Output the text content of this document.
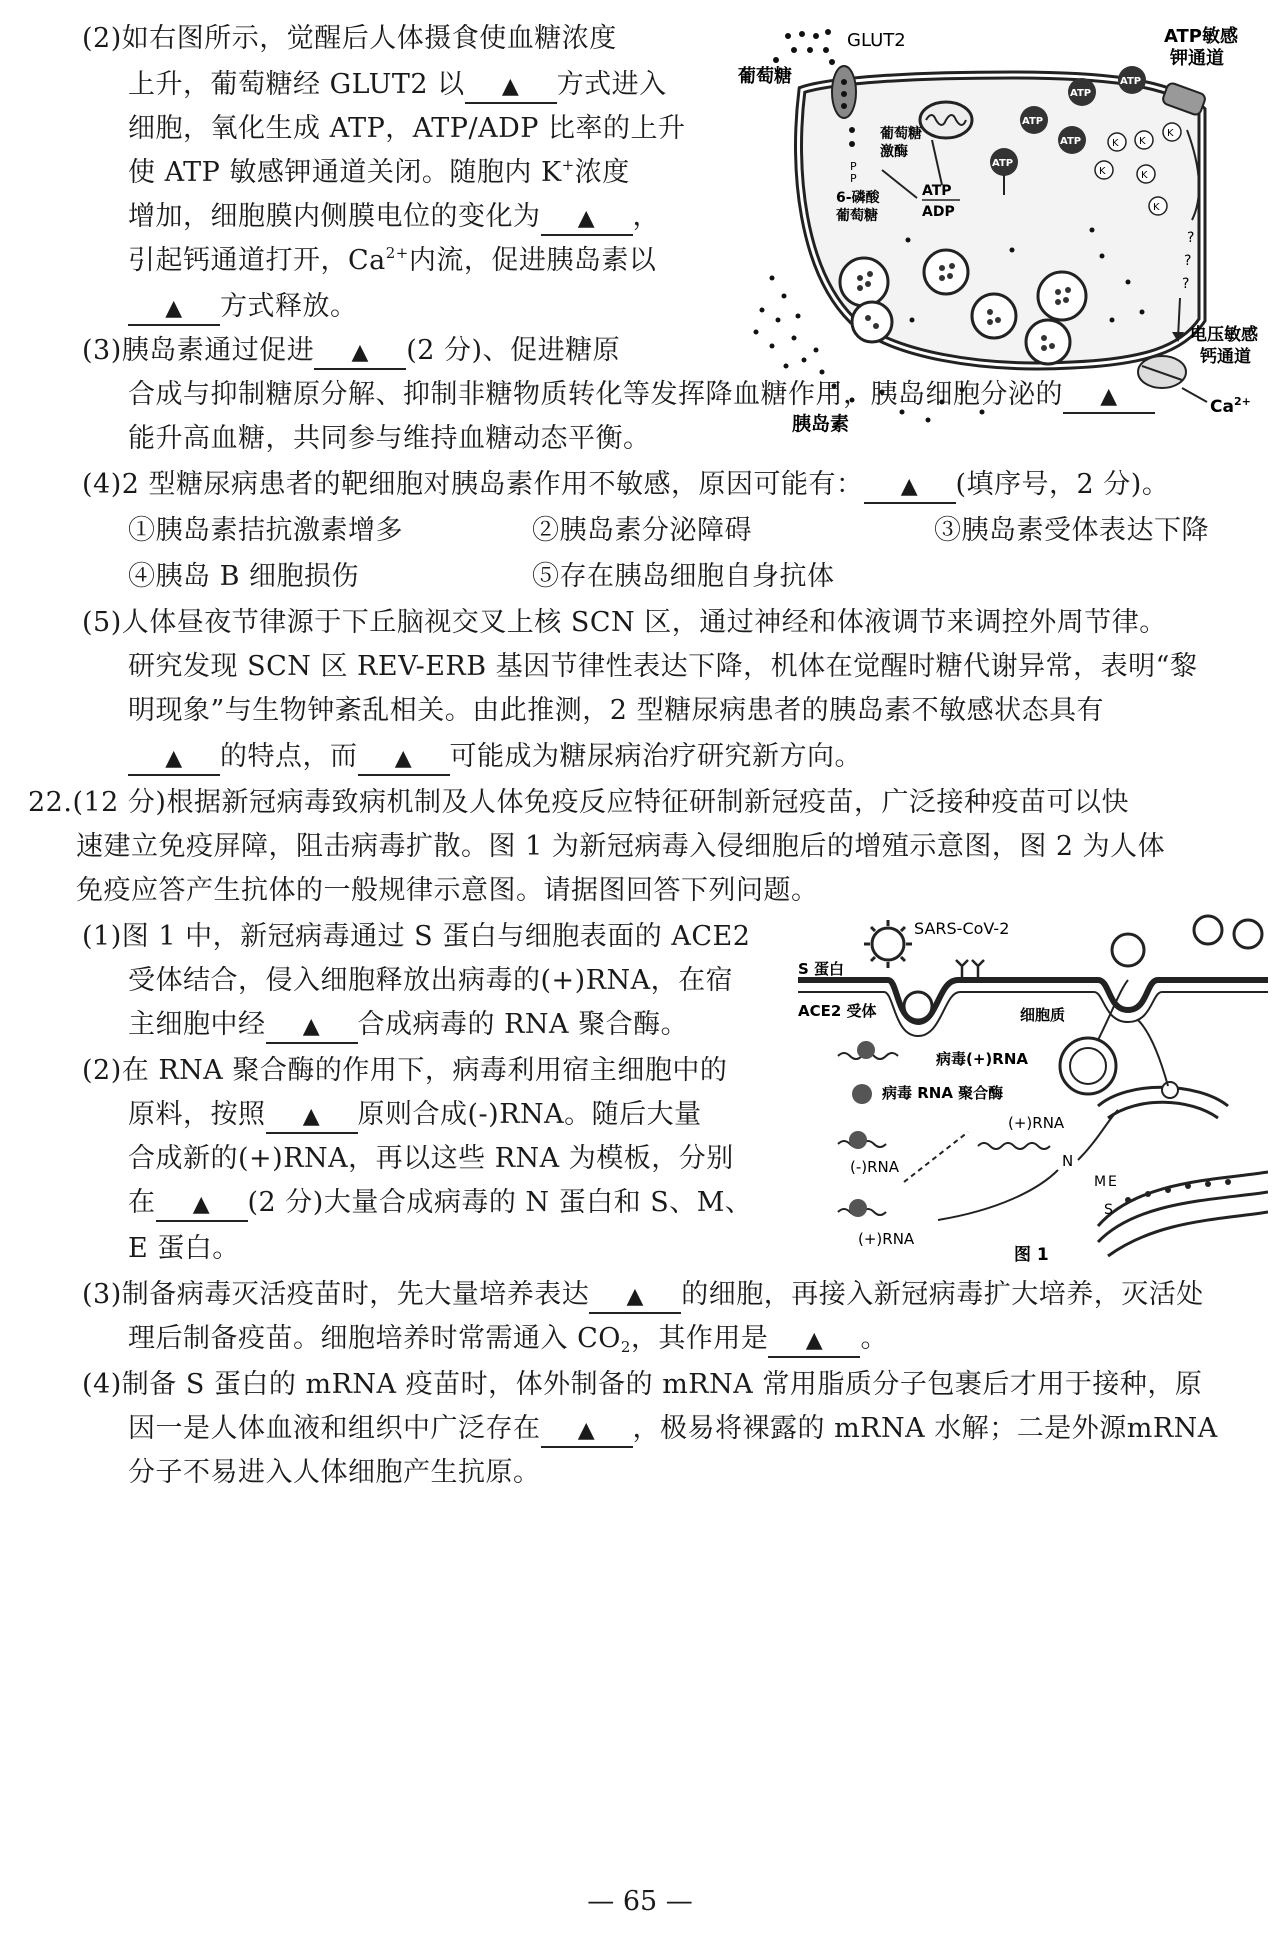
(2)如右图所示，觉醒后人体摄食使血糖浓度
上升，葡萄糖经 GLUT2 以 ▲ 方式进入
细胞，氧化生成 ATP，ATP/ADP 比率的上升
使 ATP 敏感钾通道关闭。随胞内 K+浓度
增加，细胞膜内侧膜电位的变化为 ▲ ，
引起钙通道打开，$Ca^{2+}$内流，促进胰岛素以
▲ 方式释放。
GLUT2
葡萄糖
P
P
葡萄糖
激酶
6-磷酸
葡萄糖
ATP
ADP
ATP
ATP
ATP
ATP
ATP
K
K	K
K
K
K
ATP敏感
钾通道
?
?
?
电压敏感
钙通道
$Ca^{2+}$
胰岛素
(3)胰岛素通过促进 ▲ (2 分)、促进糖原
合成与抑制糖原分解、抑制非糖物质转化等发挥降血糖作用，胰岛细胞分泌的 ▲
能升高血糖，共同参与维持血糖动态平衡。
(4)2 型糖尿病患者的靶细胞对胰岛素作用不敏感，原因可能有： ▲ (填序号，2 分)。
①胰岛素拮抗激素增多	②胰岛素分泌障碍	③胰岛素受体表达下降
④胰岛 B 细胞损伤	⑤存在胰岛细胞自身抗体
(5)人体昼夜节律源于下丘脑视交叉上核 SCN 区，通过神经和体液调节来调控外周节律。
研究发现 SCN 区 REV-ERB 基因节律性表达下降，机体在觉醒时糖代谢异常，表明“黎
明现象”与生物钟紊乱相关。由此推测，2 型糖尿病患者的胰岛素不敏感状态具有
▲ 的特点，而 ▲ 可能成为糖尿病治疗研究新方向。
22.(12 分)根据新冠病毒致病机制及人体免疫反应特征研制新冠疫苗，广泛接种疫苗可以快
速建立免疫屏障，阻击病毒扩散。图 1 为新冠病毒入侵细胞后的增殖示意图，图 2 为人体
免疫应答产生抗体的一般规律示意图。请据图回答下列问题。
(1)图 1 中，新冠病毒通过 S 蛋白与细胞表面的 ACE2
受体结合，侵入细胞释放出病毒的(+)RNA，在宿
主细胞中经 ▲ 合成病毒的 RNA 聚合酶。
(2)在 RNA 聚合酶的作用下，病毒利用宿主细胞中的
原料，按照 ▲ 原则合成(-)RNA。随后大量
合成新的(+)RNA，再以这些 RNA 为模板，分别
在 ▲ (2 分)大量合成病毒的 N 蛋白和 S、M、
E 蛋白。
SARS-CoV-2
S 蛋白
ACE2 受体	细胞质
病毒(+)RNA
病毒 RNA 聚合酶
(+)RNA
(-)RNA
(+)RNA
N
M E
S
图 1
(3)制备病毒灭活疫苗时，先大量培养表达 ▲ 的细胞，再接入新冠病毒扩大培养，灭活处
理后制备疫苗。细胞培养时常需通入 $CO_2$，其作用是 ▲ 。
(4)制备 S 蛋白的 mRNA 疫苗时，体外制备的 mRNA 常用脂质分子包裹后才用于接种，原
因一是人体血液和组织中广泛存在 ▲ ，极易将裸露的 mRNA 水解；二是外源mRNA
分子不易进入人体细胞产生抗原。
— 65 —
